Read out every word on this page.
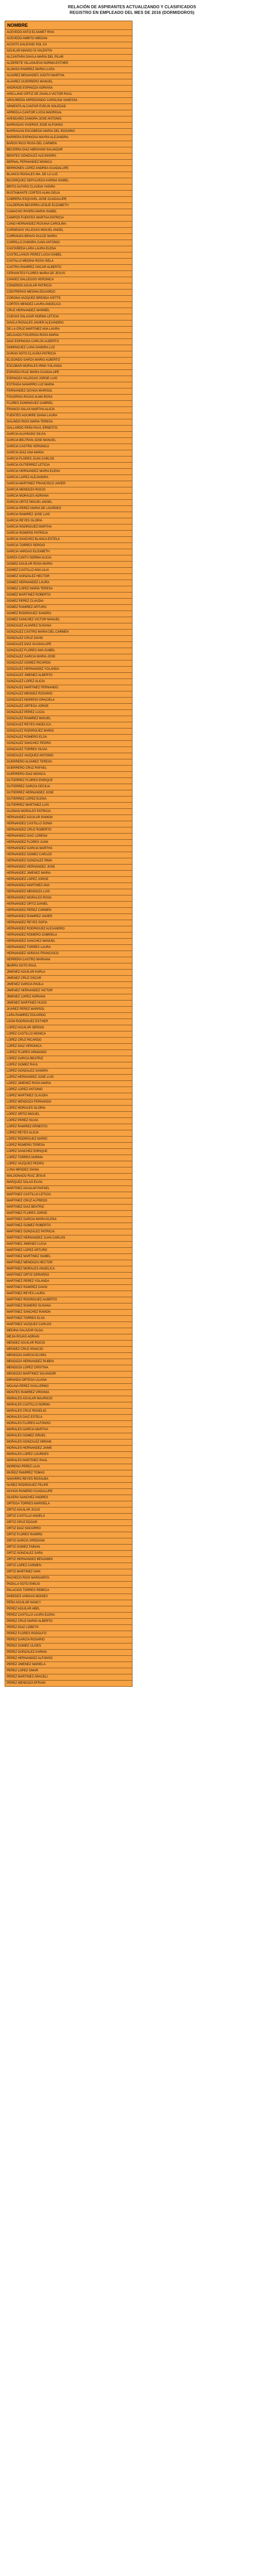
RELACIÓN DE ASPIRANTES ACTUALIZANDO Y CLASIFICADOS

REGISTRO EN EMPLEADO DEL MES DE 2016 (DORMIDOROS)

NOMBRE
ACEVEDO ANTO ELSAMET RIVA
ACEVEDO AMBITO MIEDAN
ACOSTA GALEANO SOL CA
AGUILAR MANSO SI VALENTIN
ALCANTARA DAVILA MARIA DEL PILAR
ALDERETE VILLANUEVA NORMA ESTHER
ALONSO RAMIREZ MARIA LUISA
ALVAREZ BENAVIDES JUDITH MARTHA
ALVAREZ GUERRERO MANUEL
ANDRADE ESPINOZA ADRIANA
ARELLANO ORTIZ DE ZAVALA VICTOR RAUL
ARGUMEDO ARREDONDO CAROLINA VANESSA
ARMENTA ALCANTAR EVELIN SOLEDAD
ARREOLA CANTOR LUCIA MADRIGAL
AVENDAÑO ZAMORA JOSE ANTONIO
BARRADAS VIVEROS JOSE ALFONSO
BARRAGAN ESCOBEDO MARIA DEL ROSARIO
BARRERA ESPINOSA MAYRA ALEJANDRA
BAÑOS RICO ROSA DEL CARMEN
BECERRA DIAZ ABRAHAM SALVADOR
BENITEZ GONZALEZ ALEJANDRA
BERNAL FERNANDEZ MONICA
BERRONES LOPEZ ANDREA GUADALUPE
BLANCO ROSALES MA. DE LA LUZ
BOJORQUEZ SEPULVEDA KARINA ISABEL
BRITO ALFARO CLAUDIA YADIRA
BUSTAMANTE CORTES ALMA DELIA
CABRERA ESQUIVEL JOSE GUADALUPE
CALDERON BECERRA LESLIE ELIZABETH
CAMACHO RIVERA MARIA ISABEL
CAMPOS FUENTES MARTHA PATRICIA
CANO HERNANDEZ ROXANA CAROLINA
CARDENAS VILLEGAS MIGUEL ANGEL
CARRANZA BRAVO DULCE MARIA
CARRILLO ZAMORA JUAN ANTONIO
CASTAÑEDA LARA LAURA ELENA
CASTELLANOS PEREZ LUCIA ISABEL
CASTILLO MEDINA ROSA ISELA
CASTRO RAMIREZ OSCAR ALBERTO
CERVANTES FLORES MARIA DE JESUS
CHAVEZ GALLEGOS VERONICA
CISNEROS AGUILAR PATRICIA
CONTRERAS MEDINA EDUARDO
CORONA VAZQUEZ BRENDA IVETTE
CORTES MENDEZ LAURA ANGELICA
CRUZ HERNANDEZ MARIBEL
CUEVAS SALAZAR NORMA LETICIA
DAVILA ROSALES JAVIER ALEJANDRO
DE LA CRUZ MARTINEZ ANA LAURA
DELGADO FIGUEROA ROSA MARIA
DIAZ ESPINOSA CARLOS ALBERTO
DOMINGUEZ LUNA SANDRA LUZ
DURAN SOTO CLAUDIA PATRICIA
ELIZONDO GARZA MARIO ALBERTO
ESCOBAR MORALES IRMA YOLANDA
ESPARZA RUIZ MARIA GUADALUPE
ESPINOZA VILLEGAS JORGE LUIS
ESTRADA NAVARRO LUZ MARIA
FERNANDEZ OCHOA MARISOL
FIGUEROA ROJAS ALMA ROSA
FLORES DOMINGUEZ GABRIEL
FRANCO SALAS MARTHA ALICIA
FUENTES AGUIRRE DIANA LAURA
GALINDO RIOS MARIA TERESA
GALLARDO PEÑA RAUL ERNESTO
GARCIA ALVARADO SILVIA
GARCIA BELTRAN JOSE MANUEL
GARCIA CASTRO VERONICA
GARCIA DIAZ ANA MARIA
GARCIA FLORES JUAN CARLOS
GARCIA GUTIERREZ LETICIA
GARCIA HERNANDEZ MARIA ELENA
GARCIA LOPEZ ALEJANDRA
GARCIA MARTINEZ FRANCISCO JAVIER
GARCIA MENDOZA ROCIO
GARCIA MORALES ADRIANA
GARCIA ORTIZ MIGUEL ANGEL
GARCIA PEREZ MARIA DE LOURDES
GARCIA RAMIREZ JOSE LUIS
GARCIA REYES GLORIA
GARCIA RODRIGUEZ MARTHA
GARCIA ROMERO PATRICIA
GARCIA SANCHEZ BLANCA ESTELA
GARCIA TORRES SERGIO
GARCIA VARGAS ELIZABETH
GARZA CANTU NORMA ALICIA
GOMEZ AGUILAR ROSA MARIA
GOMEZ CASTILLO ANA LILIA
GOMEZ GONZALEZ HECTOR
GOMEZ HERNANDEZ LAURA
GOMEZ LOPEZ MARIA TERESA
GOMEZ MARTINEZ ROBERTO
GOMEZ PEREZ CLAUDIA
GOMEZ RAMIREZ ARTURO
GOMEZ RODRIGUEZ SANDRA
GOMEZ SANCHEZ VICTOR MANUEL
GONZALEZ ALVAREZ SUSANA
GONZALEZ CASTRO MARIA DEL CARMEN
GONZALEZ CRUZ DAVID
GONZALEZ DIAZ GUADALUPE
GONZALEZ FLORES ANA ISABEL
GONZALEZ GARCIA MARIA JOSE
GONZALEZ GOMEZ RICARDO
GONZALEZ HERNANDEZ YOLANDA
GONZALEZ JIMENEZ ALBERTO
GONZALEZ LOPEZ ALICIA
GONZALEZ MARTINEZ FERNANDO
GONZALEZ MENDEZ ROSARIO
GONZALEZ MORENO GRACIELA
GONZALEZ ORTEGA JORGE
GONZALEZ PEREZ LUCIA
GONZALEZ RAMIREZ MIGUEL
GONZALEZ REYES ANGELICA
GONZALEZ RODRIGUEZ MARIO
GONZALEZ ROMERO ELSA
GONZALEZ SANCHEZ PEDRO
GONZALEZ TORRES SILVIA
GONZALEZ VAZQUEZ ANTONIO
GUERRERO ALVAREZ TERESA
GUERRERO CRUZ RAFAEL
GUERRERO DIAZ MONICA
GUTIERREZ FLORES ENRIQUE
GUTIERREZ GARCIA CECILIA
GUTIERREZ HERNANDEZ JOSE
GUTIERREZ LOPEZ ELENA
GUTIERREZ MARTINEZ LUIS
GUZMAN MORALES PATRICIA
HERNANDEZ AGUILAR RAMON
HERNANDEZ CASTILLO SONIA
HERNANDEZ CRUZ ROBERTO
HERNANDEZ DIAZ LORENA
HERNANDEZ FLORES JUAN
HERNANDEZ GARCIA MARTHA
HERNANDEZ GOMEZ CARLOS
HERNANDEZ GONZALEZ IRMA
HERNANDEZ HERNANDEZ JOSE
HERNANDEZ JIMENEZ MARIA
HERNANDEZ LOPEZ JORGE
HERNANDEZ MARTINEZ ANA
HERNANDEZ MENDOZA LUIS
HERNANDEZ MORALES ROSA
HERNANDEZ ORTIZ DANIEL
HERNANDEZ PEREZ CARMEN
HERNANDEZ RAMIREZ JAVIER
HERNANDEZ REYES SOFIA
HERNANDEZ RODRIGUEZ ALEJANDRO
HERNANDEZ ROMERO GABRIELA
HERNANDEZ SANCHEZ MANUEL
HERNANDEZ TORRES LAURA
HERNANDEZ VARGAS FRANCISCO
HERRERA CASTRO MARIANA
IBARRA SOTO RAUL
JIMENEZ AGUILAR KARLA
JIMENEZ CRUZ OSCAR
JIMENEZ GARCIA PAOLA
JIMENEZ HERNANDEZ VICTOR
JIMENEZ LOPEZ ADRIANA
JIMENEZ MARTINEZ HUGO
JUAREZ PEREZ MARISOL
LARA RAMIREZ EDUARDO
LEON RODRIGUEZ ESTHER
LOPEZ AGUILAR SERGIO
LOPEZ CASTILLO MONICA
LOPEZ CRUZ RICARDO
LOPEZ DIAZ VERONICA
LOPEZ FLORES ARMANDO
LOPEZ GARCIA BEATRIZ
LOPEZ GOMEZ RAUL
LOPEZ GONZALEZ SANDRA
LOPEZ HERNANDEZ JOSE LUIS
LOPEZ JIMENEZ ROSA MARIA
LOPEZ LOPEZ ANTONIO
LOPEZ MARTINEZ CLAUDIA
LOPEZ MENDOZA FERNANDO
LOPEZ MORALES GLORIA
LOPEZ ORTIZ MIGUEL
LOPEZ PEREZ SILVIA
LOPEZ RAMIREZ ERNESTO
LOPEZ REYES ALICIA
LOPEZ RODRIGUEZ MARIO
LOPEZ ROMERO TERESA
LOPEZ SANCHEZ ENRIQUE
LOPEZ TORRES NORMA
LOPEZ VAZQUEZ PEDRO
LUNA MENDEZ DIANA
MALDONADO RUIZ JESUS
MARQUEZ SALAS ELVIA
MARTINEZ AGUILAR RAFAEL
MARTINEZ CASTILLO LETICIA
MARTINEZ CRUZ ALFREDO
MARTINEZ DIAZ BEATRIZ
MARTINEZ FLORES JORGE
MARTINEZ GARCIA MARIA ELENA
MARTINEZ GOMEZ ROBERTO
MARTINEZ GONZALEZ PATRICIA
MARTINEZ HERNANDEZ JUAN CARLOS
MARTINEZ JIMENEZ LUCIA
MARTINEZ LOPEZ ARTURO
MARTINEZ MARTINEZ ISABEL
MARTINEZ MENDOZA HECTOR
MARTINEZ MORALES ANGELICA
MARTINEZ ORTIZ GERARDO
MARTINEZ PEREZ YOLANDA
MARTINEZ RAMIREZ DAVID
MARTINEZ REYES LAURA
MARTINEZ RODRIGUEZ ALBERTO
MARTINEZ ROMERO SUSANA
MARTINEZ SANCHEZ RAMON
MARTINEZ TORRES ELSA
MARTINEZ VAZQUEZ CARLOS
MEDINA SALAZAR OLGA
MEJIA ROJAS ADRIAN
MENDEZ AGUILAR ROCIO
MENDEZ CRUZ IGNACIO
MENDOZA GARCIA ELVIRA
MENDOZA HERNANDEZ RUBEN
MENDOZA LOPEZ CRISTINA
MENDOZA MARTINEZ SALVADOR
MIRANDA ORTEGA LILIANA
MOLINA PEREZ GUILLERMO
MONTES RAMIREZ VIRGINIA
MORALES AGUILAR MAURICIO
MORALES CASTILLO NORMA
MORALES CRUZ ROGELIO
MORALES DIAZ ESTELA
MORALES FLORES ALFONSO
MORALES GARCIA MARTHA
MORALES GOMEZ ISRAEL
MORALES GONZALEZ MIRIAM
MORALES HERNANDEZ JAIME
MORALES LOPEZ LOURDES
MORALES MARTINEZ RAUL
MORENO PEREZ LILIA
MUÑOZ RAMIREZ TOMAS
NAVARRO REYES ROSALBA
NUÑEZ RODRIGUEZ FELIPE
OCHOA ROMERO GUADALUPE
OLVERA SANCHEZ ANDRES
ORTEGA TORRES MARISELA
ORTIZ AGUILAR JULIO
ORTIZ CASTILLO ANGELA
ORTIZ CRUZ EDGAR
ORTIZ DIAZ SOCORRO
ORTIZ FLORES RAMIRO
ORTIZ GARCIA VIRIDIANA
ORTIZ GOMEZ FABIAN
ORTIZ GONZALEZ SARA
ORTIZ HERNANDEZ BENJAMIN
ORTIZ LOPEZ CARMEN
ORTIZ MARTINEZ IVAN
PACHECO RIOS MARGARITA
PADILLA SOTO EMILIO
PALACIOS TORRES REBECA
PAREDES VARGAS MOISES
PEÑA AGUILAR NANCY
PEREZ AGUILAR ABEL
PEREZ CASTILLO LAURA ELENA
PEREZ CRUZ MARIO ALBERTO
PEREZ DIAZ LIZBETH
PEREZ FLORES RODOLFO
PEREZ GARCIA ROSARIO
PEREZ GOMEZ ULISES
PEREZ GONZALEZ KARINA
PEREZ HERNANDEZ ALFONSO
PEREZ JIMENEZ MARIELA
PEREZ LOPEZ OMAR
PEREZ MARTINEZ ARACELI
PEREZ MENDOZA EFRAIN
